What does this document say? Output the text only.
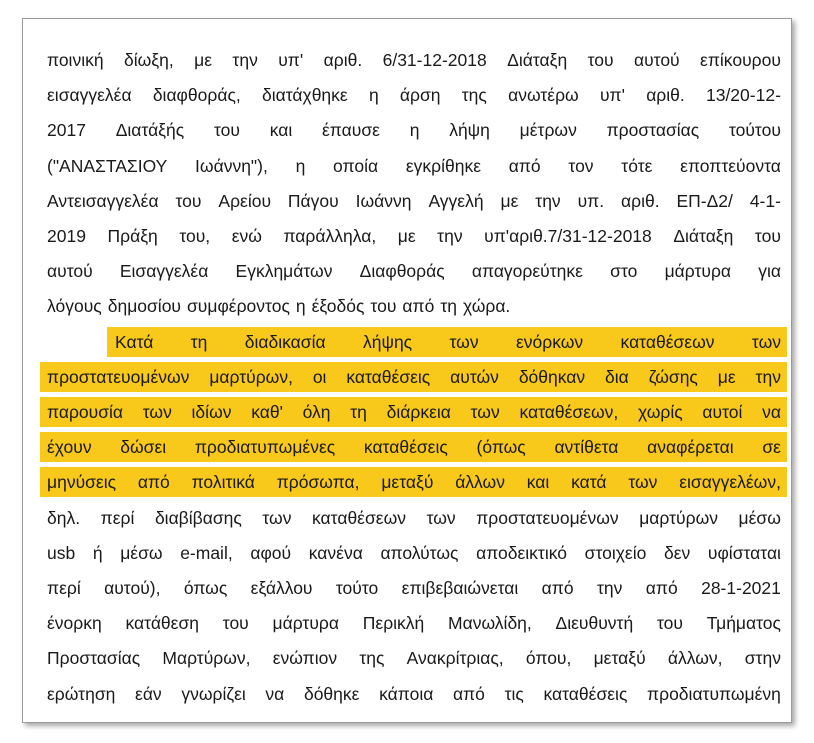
ποινική δίωξη, με την υπ' αριθ. 6/31-12-2018 Διάταξη του αυτού επίκουρου
εισαγγελέα διαφθοράς, διατάχθηκε η άρση της ανωτέρω υπ' αριθ. 13/20-12-
2017 Διατάξής του και έπαυσε η λήψη μέτρων προστασίας τούτου
("ΑΝΑΣΤΑΣΙΟΥ Ιωάννη"), η οποία εγκρίθηκε από τον τότε εποπτεύοντα
Αντεισαγγελέα του Αρείου Πάγου Ιωάννη Αγγελή με την υπ. αριθ. ΕΠ-Δ2/ 4-1-
2019 Πράξη του, ενώ παράλληλα, με την υπ'αριθ.7/31-12-2018 Διάταξη του
αυτού Εισαγγελέα Εγκλημάτων Διαφθοράς απαγορεύτηκε στο μάρτυρα για
λόγους δημοσίου συμφέροντος η έξοδός του από τη χώρα.
Κατά τη διαδικασία λήψης των ενόρκων καταθέσεων των
προστατευομένων μαρτύρων, οι καταθέσεις αυτών δόθηκαν δια ζώσης με την
παρουσία των ιδίων καθ' όλη τη διάρκεια των καταθέσεων, χωρίς αυτοί να
έχουν δώσει προδιατυπωμένες καταθέσεις (όπως αντίθετα αναφέρεται σε
μηνύσεις από πολιτικά πρόσωπα, μεταξύ άλλων και κατά των εισαγγελέων,
δηλ. περί διαβίβασης των καταθέσεων των προστατευομένων μαρτύρων μέσω
usb ή μέσω e-mail, αφού κανένα απολύτως αποδεικτικό στοιχείο δεν υφίσταται
περί αυτού), όπως εξάλλου τούτο επιβεβαιώνεται από την από 28-1-2021
ένορκη κατάθεση του μάρτυρα Περικλή Μανωλίδη, Διευθυντή του Τμήματος
Προστασίας Μαρτύρων, ενώπιον της Ανακρίτριας, όπου, μεταξύ άλλων, στην
ερώτηση εάν γνωρίζει να δόθηκε κάποια από τις καταθέσεις προδιατυπωμένη
